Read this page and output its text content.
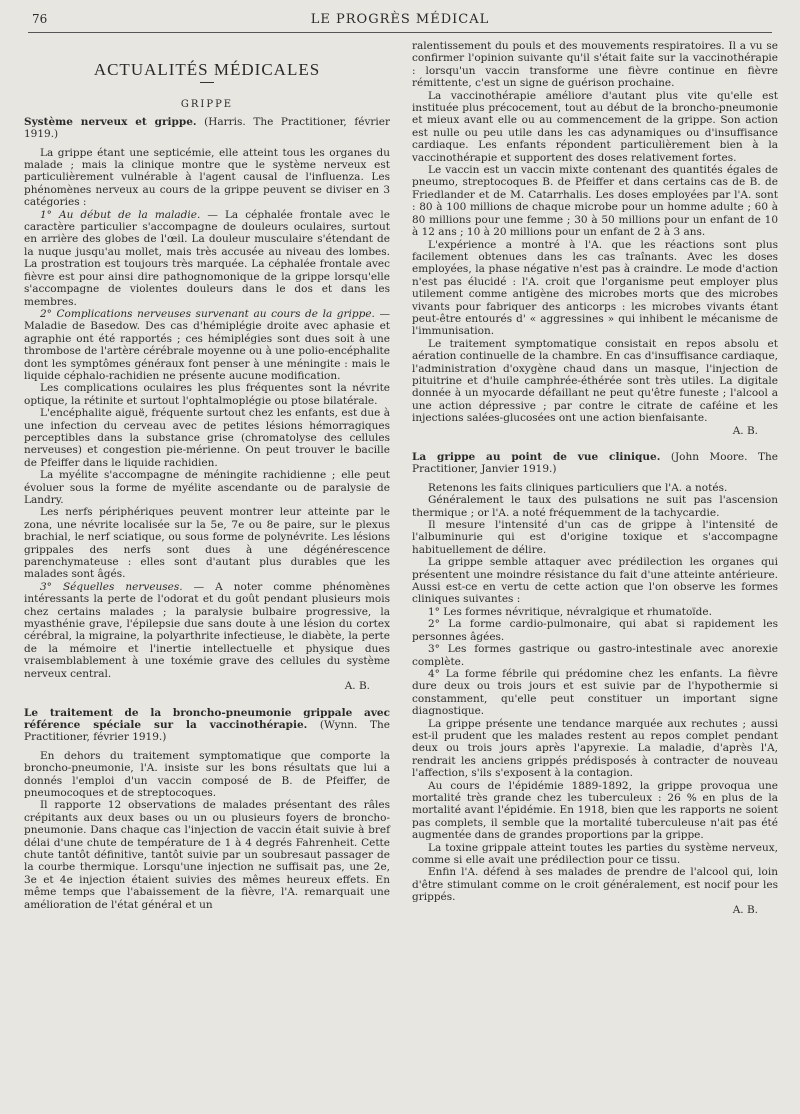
76	LE PROGRÈS MÉDICAL
ACTUALITÉS MÉDICALES
GRIPPE

Système nerveux et grippe. (Harris. The Practitioner, février 1919.)

La grippe étant une septicémie, elle atteint tous les organes du malade ; mais la clinique montre que le système nerveux est particulièrement vulnérable à l'agent causal de l'influenza. Les phénomènes nerveux au cours de la grippe peuvent se diviser en 3 catégories :

1° Au début de la maladie. — La céphalée frontale avec le caractère particulier s'accompagne de douleurs oculaires, surtout en arrière des globes de l'œil. La douleur musculaire s'étendant de la nuque jusqu'au mollet, mais très accusée au niveau des lombes. La prostration est toujours très marquée. La céphalée frontale avec fièvre est pour ainsi dire pathognomonique de la grippe lorsqu'elle s'accompagne de violentes douleurs dans le dos et dans les membres.

2° Complications nerveuses survenant au cours de la grippe. — Maladie de Basedow. Des cas d'hémiplégie droite avec aphasie et agraphie ont été rapportés ; ces hémiplégies sont dues soit à une thrombose de l'artère cérébrale moyenne ou à une polio-encéphalite dont les symptômes généraux font penser à une méningite : mais le liquide céphalo-rachidien ne présente aucune modification.

Les complications oculaires les plus fréquentes sont la névrite optique, la rétinite et surtout l'ophtalmoplégie ou ptose bilatérale.

L'encéphalite aiguë, fréquente surtout chez les enfants, est due à une infection du cerveau avec de petites lésions hémorragiques perceptibles dans la substance grise (chromatolyse des cellules nerveuses) et congestion pie-mérienne. On peut trouver le bacille de Pfeiffer dans le liquide rachidien.

La myélite s'accompagne de méningite rachidienne ; elle peut évoluer sous la forme de myélite ascendante ou de paralysie de Landry.

Les nerfs périphériques peuvent montrer leur atteinte par le zona, une névrite localisée sur la 5e, 7e ou 8e paire, sur le plexus brachial, le nerf sciatique, ou sous forme de polynévrite. Les lésions grippales des nerfs sont dues à une dégénérescence parenchymateuse : elles sont d'autant plus durables que les malades sont âgés.

3° Séquelles nerveuses. — A noter comme phénomènes intéressants la perte de l'odorat et du goût pendant plusieurs mois chez certains malades ; la paralysie bulbaire progressive, la myasthénie grave, l'épilepsie due sans doute à une lésion du cortex cérébral, la migraine, la polyarthrite infectieuse, le diabète, la perte de la mémoire et l'inertie intellectuelle et physique dues vraisemblablement à une toxémie grave des cellules du système nerveux central.

A. B.

Le traitement de la broncho-pneumonie grippale avec référence spéciale sur la vaccinothérapie. (Wynn. The Practitioner, février 1919.)

En dehors du traitement symptomatique que comporte la broncho-pneumonie, l'A. insiste sur les bons résultats que lui a donnés l'emploi d'un vaccin composé de B. de Pfeiffer, de pneumocoques et de streptocoques.

Il rapporte 12 observations de malades présentant des râles crépitants aux deux bases ou un ou plusieurs foyers de broncho-pneumonie. Dans chaque cas l'injection de vaccin était suivie à bref délai d'une chute de température de 1 à 4 degrés Fahrenheit. Cette chute tantôt définitive, tantôt suivie par un soubresaut passager de la courbe thermique. Lorsqu'une injection ne suffisait pas, une 2e, 3e et 4e injection étaient suivies des mêmes heureux effets. En même temps que l'abaissement de la fièvre, l'A. remarquait une amélioration de l'état général et un

ralentissement du pouls et des mouvements respiratoires. Il a vu se confirmer l'opinion suivante qu'il s'était faite sur la vaccinothérapie : lorsqu'un vaccin transforme une fièvre continue en fièvre rémittente, c'est un signe de guérison prochaine.

La vaccinothérapie améliore d'autant plus vite qu'elle est instituée plus précocement, tout au début de la broncho-pneumonie et mieux avant elle ou au commencement de la grippe. Son action est nulle ou peu utile dans les cas adynamiques ou d'insuffisance cardiaque. Les enfants répondent particulièrement bien à la vaccinothérapie et supportent des doses relativement fortes.

Le vaccin est un vaccin mixte contenant des quantités égales de pneumo, streptocoques B. de Pfeiffer et dans certains cas de B. de Friedlander et de M. Catarrhalis. Les doses employées par l'A. sont : 80 à 100 millions de chaque microbe pour un homme adulte ; 60 à 80 millions pour une femme ; 30 à 50 millions pour un enfant de 10 à 12 ans ; 10 à 20 millions pour un enfant de 2 à 3 ans.

L'expérience a montré à l'A. que les réactions sont plus facilement obtenues dans les cas traînants. Avec les doses employées, la phase négative n'est pas à craindre. Le mode d'action n'est pas élucidé : l'A. croit que l'organisme peut employer plus utilement comme antigène des microbes morts que des microbes vivants pour fabriquer des anticorps : les microbes vivants étant peut-être entourés d' « aggressines » qui inhibent le mécanisme de l'immunisation.

Le traitement symptomatique consistait en repos absolu et aération continuelle de la chambre. En cas d'insuffisance cardiaque, l'administration d'oxygène chaud dans un masque, l'injection de pituitrine et d'huile camphrée-éthérée sont très utiles. La digitale donnée à un myocarde défaillant ne peut qu'être funeste ; l'alcool a une action dépressive ; par contre le citrate de caféine et les injections salées-glucosées ont une action bienfaisante.

A. B.

La grippe au point de vue clinique. (John Moore. The Practitioner, Janvier 1919.)

Retenons les faits cliniques particuliers que l'A. a notés.

Généralement le taux des pulsations ne suit pas l'ascension thermique ; or l'A. a noté fréquemment de la tachycardie.

Il mesure l'intensité d'un cas de grippe à l'intensité de l'albuminurie qui est d'origine toxique et s'accompagne habituellement de délire.

La grippe semble attaquer avec prédilection les organes qui présentent une moindre résistance du fait d'une atteinte antérieure. Aussi est-ce en vertu de cette action que l'on observe les formes cliniques suivantes :

1° Les formes névritique, névralgique et rhumatoïde.

2° La forme cardio-pulmonaire, qui abat si rapidement les personnes âgées.

3° Les formes gastrique ou gastro-intestinale avec anorexie complète.

4° La forme fébrile qui prédomine chez les enfants. La fièvre dure deux ou trois jours et est suivie par de l'hypothermie si constamment, qu'elle peut constituer un important signe diagnostique.

La grippe présente une tendance marquée aux rechutes ; aussi est-il prudent que les malades restent au repos complet pendant deux ou trois jours après l'apyrexie. La maladie, d'après l'A, rendrait les anciens grippés prédisposés à contracter de nouveau l'affection, s'ils s'exposent à la contagion.

Au cours de l'épidémie 1889-1892, la grippe provoqua une mortalité très grande chez les tuberculeux : 26 % en plus de la mortalité avant l'épidémie. En 1918, bien que les rapports ne soient pas complets, il semble que la mortalité tuberculeuse n'ait pas été augmentée dans de grandes proportions par la grippe.

La toxine grippale atteint toutes les parties du système nerveux, comme si elle avait une prédilection pour ce tissu.

Enfin l'A. défend à ses malades de prendre de l'alcool qui, loin d'être stimulant comme on le croit généralement, est nocif pour les grippés.

A. B.
